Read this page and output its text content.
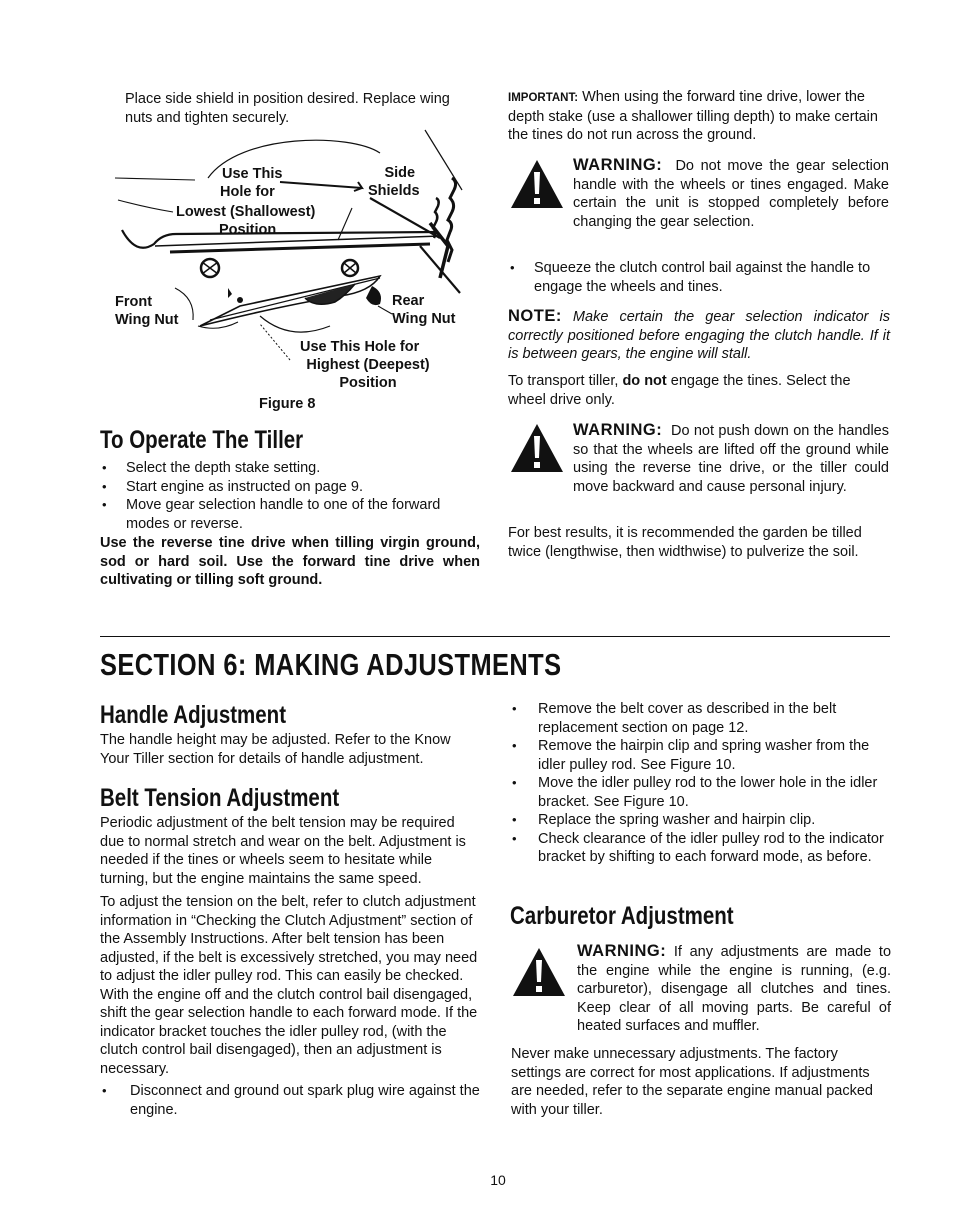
Place side shield in position desired. Replace wing nuts and tighten securely.

Use This
Hole for
Lowest (Shallowest)
Position
Side
Shields
Front
Wing Nut
Rear
Wing Nut
Use This Hole for
Highest (Deepest)
Position
Figure 8
To Operate The Tiller
• Select the depth stake setting.
• Start engine as instructed on page 9.
• Move gear selection handle to one of the forward modes or reverse.

Use the reverse tine drive when tilling virgin ground, sod or hard soil. Use the forward tine drive when cultivating or tilling soft ground.

IMPORTANT: When using the forward tine drive, lower the depth stake (use a shallower tilling depth) to make certain the tines do not run across the ground.

WARNING: Do not move the gear selection handle with the wheels or tines engaged. Make certain the unit is stopped completely before changing the gear selection.

• Squeeze the clutch control bail against the handle to engage the wheels and tines.

NOTE: Make certain the gear selection indicator is correctly positioned before engaging the clutch handle. If it is between gears, the engine will stall.

To transport tiller, do not engage the tines. Select the wheel drive only.

WARNING: Do not push down on the handles so that the wheels are lifted off the ground while using the reverse tine drive, or the tiller could move backward and cause personal injury.

For best results, it is recommended the garden be tilled twice (lengthwise, then widthwise) to pulverize the soil.

SECTION 6: MAKING ADJUSTMENTS
Handle Adjustment

The handle height may be adjusted. Refer to the Know Your Tiller section for details of handle adjustment.

Belt Tension Adjustment

Periodic adjustment of the belt tension may be required due to normal stretch and wear on the belt. Adjustment is needed if the tines or wheels seem to hesitate while turning, but the engine maintains the same speed.

To adjust the tension on the belt, refer to clutch adjustment information in “Checking the Clutch Adjustment” section of the Assembly Instructions. After belt tension has been adjusted, if the belt is excessively stretched, you may need to adjust the idler pulley rod. This can easily be checked. With the engine off and the clutch control bail disengaged, shift the gear selection handle to each forward mode. If the indicator bracket touches the idler pulley rod, (with the clutch control bail disengaged), then an adjustment is necessary.

• Disconnect and ground out spark plug wire against the engine.
• Remove the belt cover as described in the belt replacement section on page 12.
• Remove the hairpin clip and spring washer from the idler pulley rod. See Figure 10.
• Move the idler pulley rod to the lower hole in the idler bracket. See Figure 10.
• Replace the spring washer and hairpin clip.
• Check clearance of the idler pulley rod to the indicator bracket by shifting to each forward mode, as before.
Carburetor Adjustment

WARNING: If any adjustments are made to the engine while the engine is running, (e.g. carburetor), disengage all clutches and tines. Keep clear of all moving parts. Be careful of heated surfaces and muffler.

Never make unnecessary adjustments. The factory settings are correct for most applications. If adjustments are needed, refer to the separate engine manual packed with your tiller.

10
